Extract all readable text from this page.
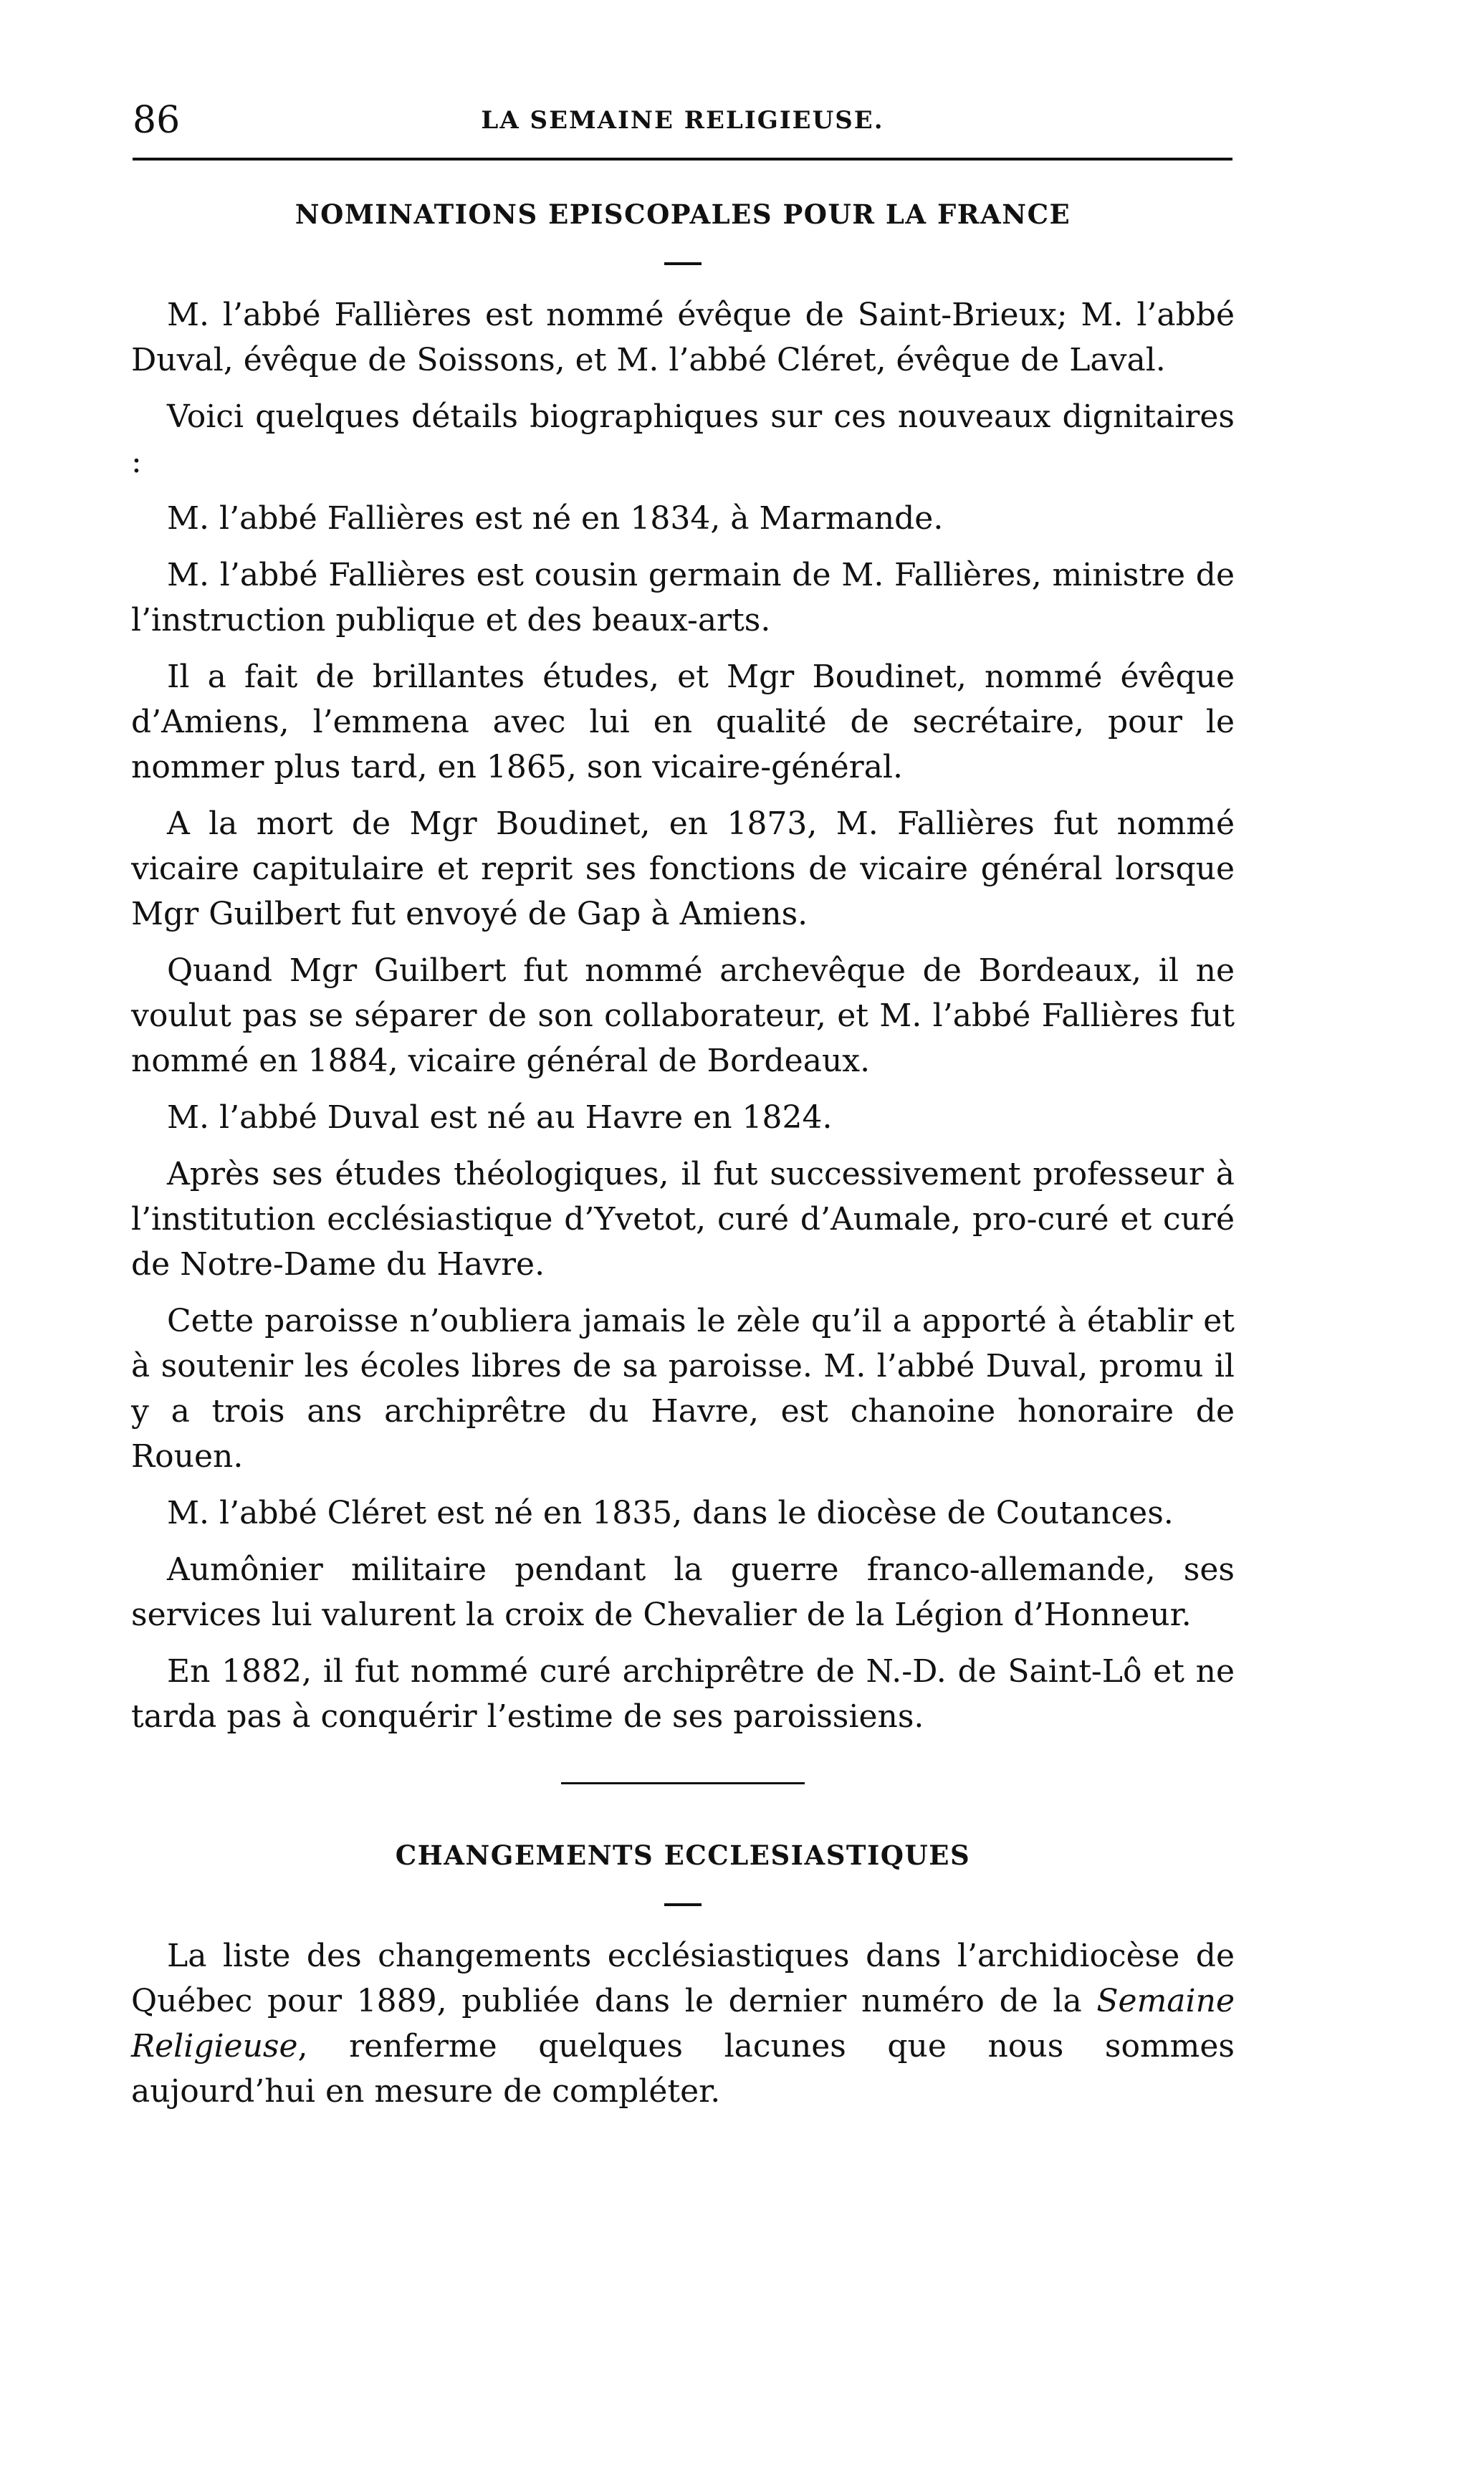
86	LA SEMAINE RELIGIEUSE.
NOMINATIONS EPISCOPALES POUR LA FRANCE

M. l’abbé Fallières est nommé évêque de Saint-Brieux; M. l’abbé Duval, évêque de Soissons, et M. l’abbé Cléret, évêque de Laval.

Voici quelques détails biographiques sur ces nouveaux dignitaires :

M. l’abbé Fallières est né en 1834, à Marmande.

M. l’abbé Fallières est cousin germain de M. Fallières, ministre de l’instruction publique et des beaux-arts.

Il a fait de brillantes études, et Mgr Boudinet, nommé évêque d’Amiens, l’emmena avec lui en qualité de secrétaire, pour le nommer plus tard, en 1865, son vicaire-général.

A la mort de Mgr Boudinet, en 1873, M. Fallières fut nommé vicaire capitulaire et reprit ses fonctions de vicaire général lorsque Mgr Guilbert fut envoyé de Gap à Amiens.

Quand Mgr Guilbert fut nommé archevêque de Bordeaux, il ne voulut pas se séparer de son collaborateur, et M. l’abbé Fallières fut nommé en 1884, vicaire général de Bordeaux.

M. l’abbé Duval est né au Havre en 1824.

Après ses études théologiques, il fut successivement professeur à l’institution ecclésiastique d’Yvetot, curé d’Aumale, pro-curé et curé de Notre-Dame du Havre.

Cette paroisse n’oubliera jamais le zèle qu’il a apporté à établir et à soutenir les écoles libres de sa paroisse. M. l’abbé Duval, promu il y a trois ans archiprêtre du Havre, est chanoine honoraire de Rouen.

M. l’abbé Cléret est né en 1835, dans le diocèse de Coutances.

Aumônier militaire pendant la guerre franco-allemande, ses services lui valurent la croix de Chevalier de la Légion d’Honneur.

En 1882, il fut nommé curé archiprêtre de N.-D. de Saint-Lô et ne tarda pas à conquérir l’estime de ses paroissiens.

CHANGEMENTS ECCLESIASTIQUES

La liste des changements ecclésiastiques dans l’archidiocèse de Québec pour 1889, publiée dans le dernier numéro de la Semaine Religieuse, renferme quelques lacunes que nous sommes aujourd’hui en mesure de compléter.
